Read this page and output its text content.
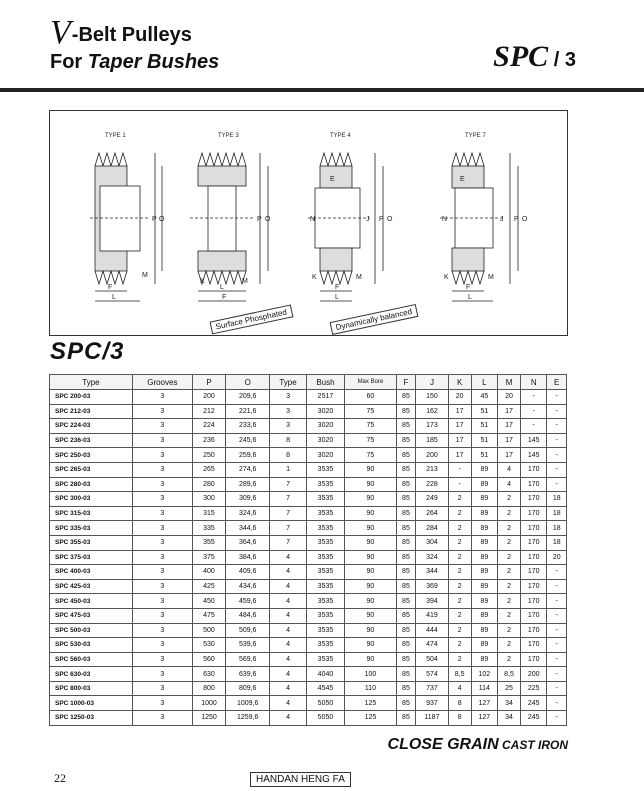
V-Belt Pulleys
For Taper Bushes	SPC / 3
TYPE 1	TYPE 3	TYPE 4	TYPE 7
F
L
M
P O
L
F
K	M
P O
E
N
F
L
K	M
J P O
E
N
F
L
K	M
J P O
Surface Phosphated	Dynamically balanced
SPC/3
Type	Grooves	P	O	Type	Bush	Max Bore	F	J	K	L	M	N	E
SPC 200-03	3	200	209,6	3	2517	60	85	150	20	45	20	-	-
SPC 212-03	3	212	221,6	3	3020	75	85	162	17	51	17	-	-
SPC 224-03	3	224	233,6	3	3020	75	85	173	17	51	17	-	-
SPC 236-03	3	236	245,6	8	3020	75	85	185	17	51	17	145	-
SPC 250-03	3	250	259,6	8	3020	75	85	200	17	51	17	145	-
SPC 265-03	3	265	274,6	1	3535	90	85	213	-	89	4	170	-
SPC 280-03	3	280	289,6	7	3535	90	85	228	-	89	4	170	-
SPC 300-03	3	300	309,6	7	3535	90	85	249	2	89	2	170	18
SPC 315-03	3	315	324,6	7	3535	90	85	264	2	89	2	170	18
SPC 335-03	3	335	344,6	7	3535	90	85	284	2	89	2	170	18
SPC 355-03	3	355	364,6	7	3535	90	85	304	2	89	2	170	18
SPC 375-03	3	375	384,6	4	3535	90	85	324	2	89	2	170	20
SPC 400-03	3	400	409,6	4	3535	90	85	344	2	89	2	170	-
SPC 425-03	3	425	434,6	4	3535	90	85	369	2	89	2	170	-
SPC 450-03	3	450	459,6	4	3535	90	85	394	2	89	2	170	-
SPC 475-03	3	475	484,6	4	3535	90	85	419	2	89	2	170	-
SPC 500-03	3	500	509,6	4	3535	90	85	444	2	89	2	170	-
SPC 530-03	3	530	539,6	4	3535	90	85	474	2	89	2	170	-
SPC 560-03	3	560	569,6	4	3535	90	85	504	2	89	2	170	-
SPC 630-03	3	630	639,6	4	4040	100	85	574	8,5	102	8,5	200	-
SPC 800-03	3	800	809,6	4	4545	110	85	737	4	114	25	225	-
SPC 1000-03	3	1000	1009,6	4	5050	125	85	937	8	127	34	245	-
SPC 1250-03	3	1250	1259,6	4	5050	125	85	1187	8	127	34	245	-
CLOSE GRAIN CAST IRON
22	HANDAN HENG FA
